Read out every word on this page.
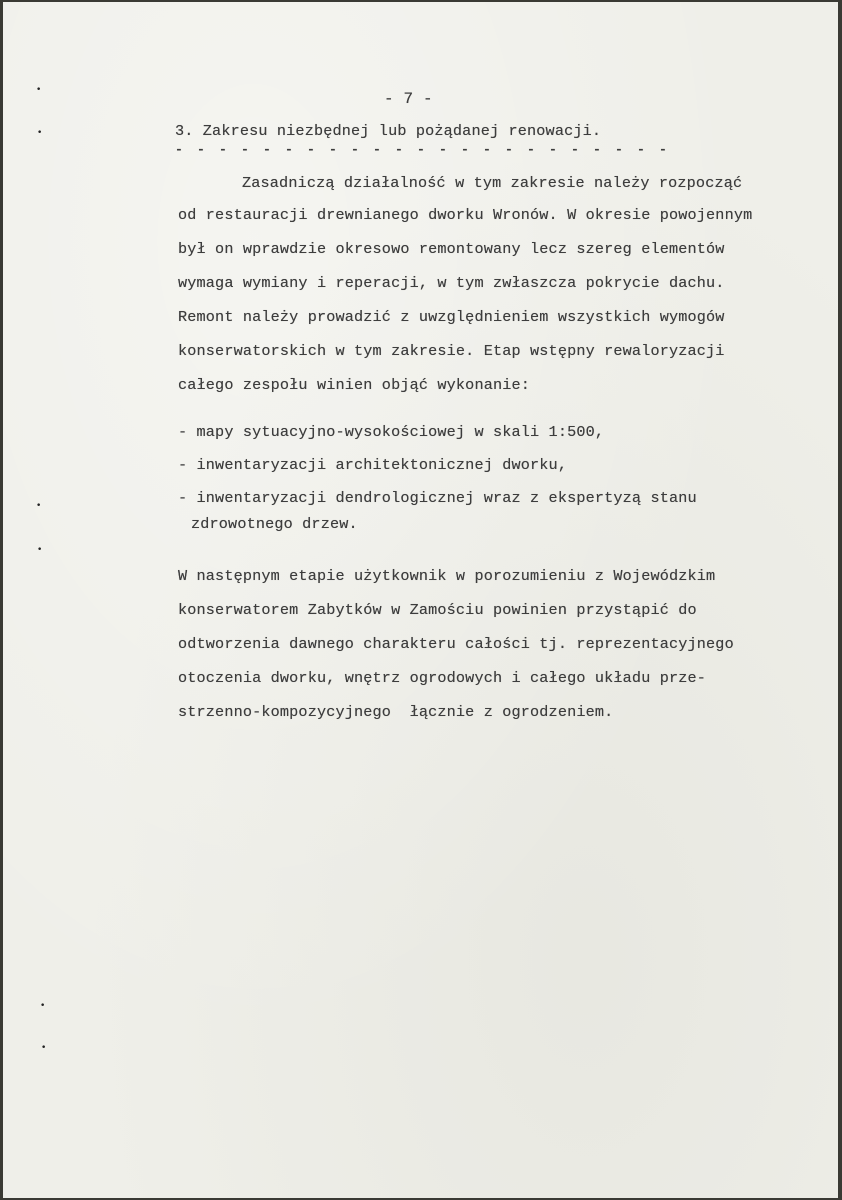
•
•
•
•
•
•
- 7 -
3. Zakresu niezbędnej lub pożądanej renowacji.
- - - - - - - - - - - - - - - - - - - - - - -
Zasadniczą działalność w tym zakresie należy rozpocząć
od restauracji drewnianego dworku Wronów. W okresie powojennym
był on wprawdzie okresowo remontowany lecz szereg elementów
wymaga wymiany i reperacji, w tym zwłaszcza pokrycie dachu.
Remont należy prowadzić z uwzględnieniem wszystkich wymogów
konserwatorskich w tym zakresie. Etap wstępny rewaloryzacji
całego zespołu winien objąć wykonanie:
- mapy sytuacyjno-wysokościowej w skali 1:500,
- inwentaryzacji architektonicznej dworku,
- inwentaryzacji dendrologicznej wraz z ekspertyzą stanu
zdrowotnego drzew.
W następnym etapie użytkownik w porozumieniu z Wojewódzkim
konserwatorem Zabytków w Zamościu powinien przystąpić do
odtworzenia dawnego charakteru całości tj. reprezentacyjnego
otoczenia dworku, wnętrz ogrodowych i całego układu prze-
strzenno-kompozycyjnego  łącznie z ogrodzeniem.
